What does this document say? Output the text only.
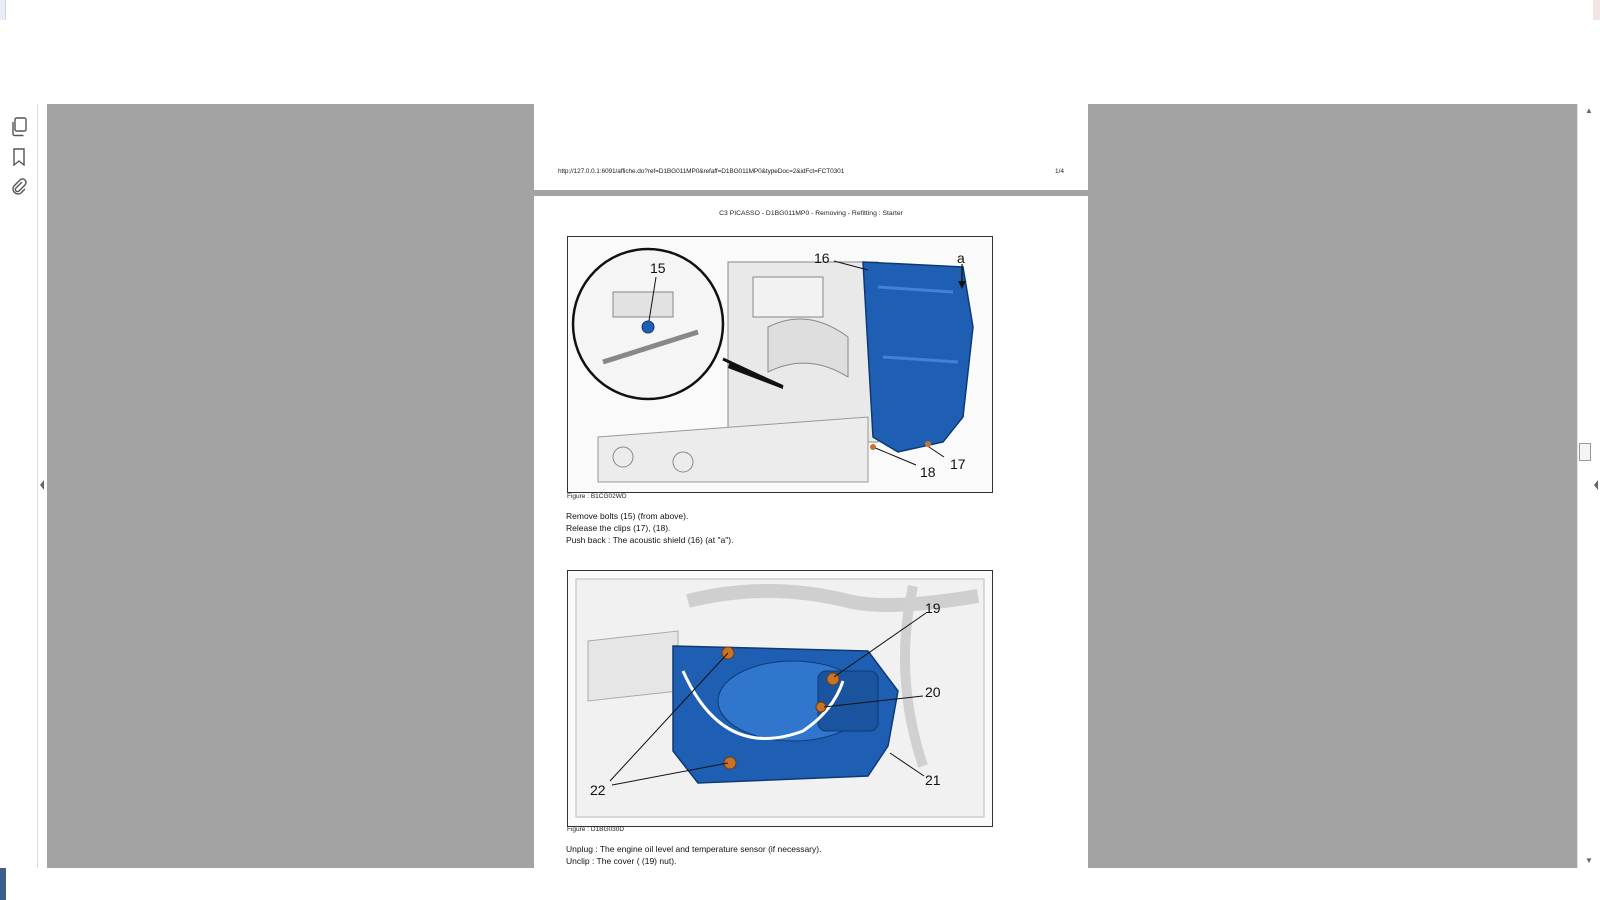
http://127.0.0.1:6091/affiche.do?ref=D1BG011MP0&refaff=D1BG011MP0&typeDoc=2&idFct=FCT0301	1/4
C3 PICASSO - D1BG011MP0 - Removing - Refitting : Starter
15
16	a
17
18
Figure : B1CG02WD
Remove bolts (15) (from above).
Release the clips (17), (18).
Push back : The acoustic shield (16) (at "a").
19
20
21
22
Figure : D1BG030D
Unplug : The engine oil level and temperature sensor (if necessary).
Unclip : The cover ( (19) nut).
▲
▼
